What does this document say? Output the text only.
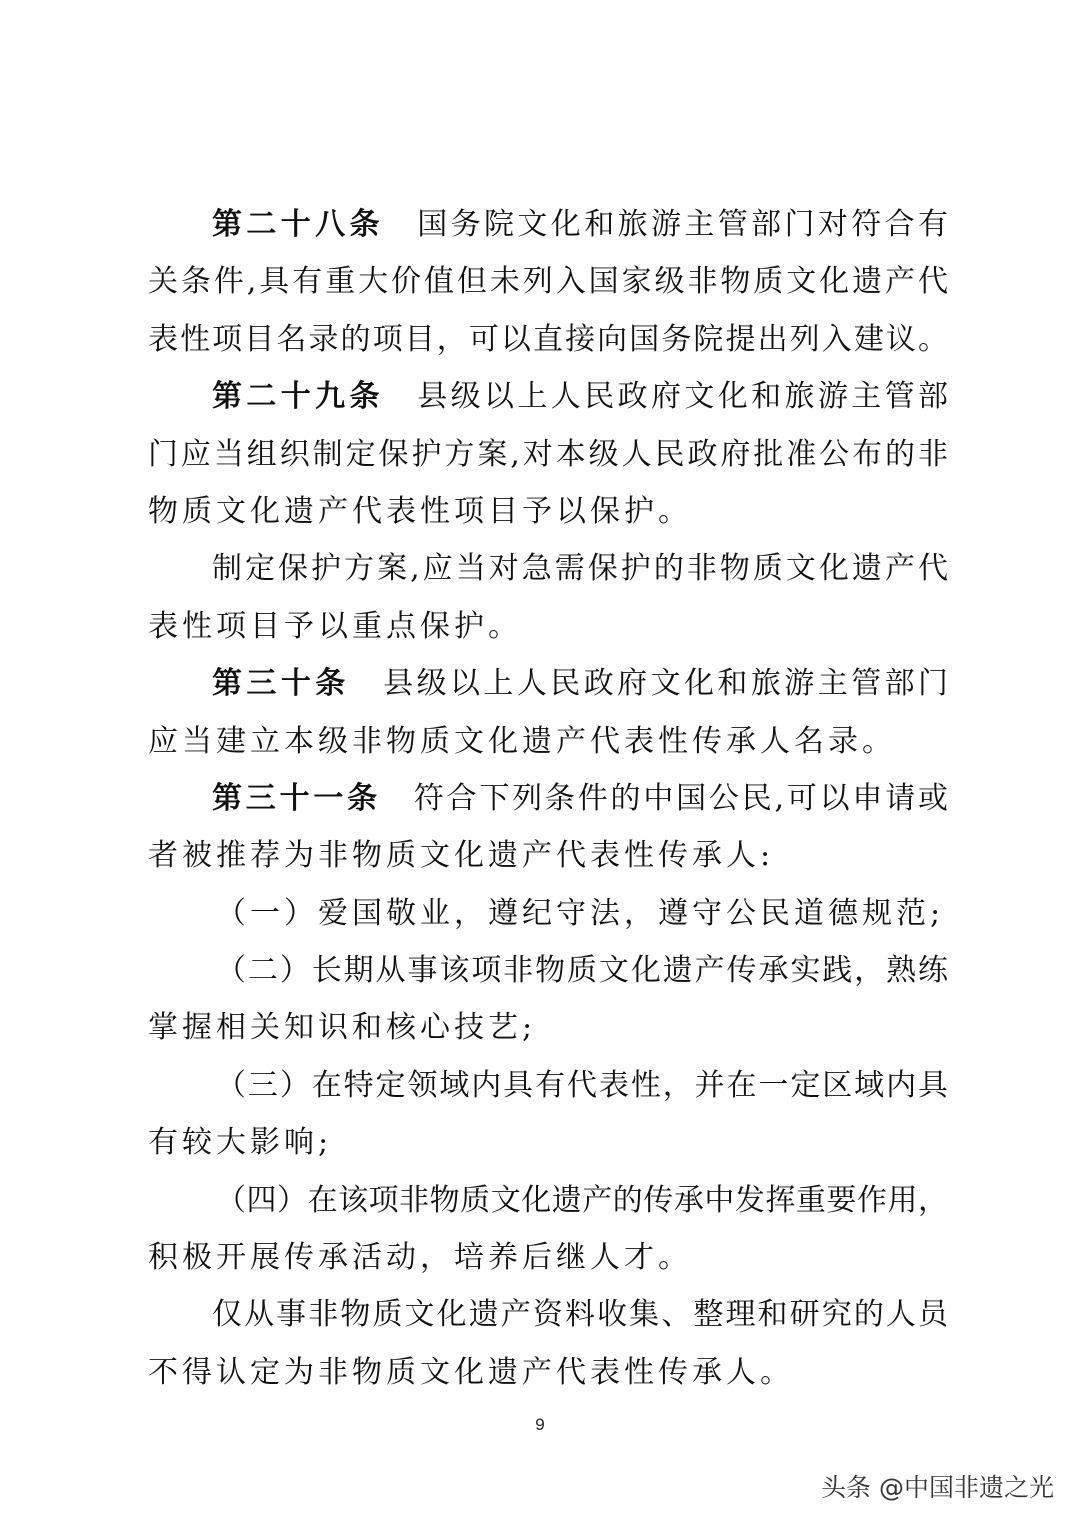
第二十八条　国务院文化和旅游主管部门对符合有
关条件,具有重大价值但未列入国家级非物质文化遗产代
表性项目名录的项目，可以直接向国务院提出列入建议。
第二十九条　县级以上人民政府文化和旅游主管部
门应当组织制定保护方案,对本级人民政府批准公布的非
物质文化遗产代表性项目予以保护。
制定保护方案,应当对急需保护的非物质文化遗产代
表性项目予以重点保护。
第三十条　县级以上人民政府文化和旅游主管部门
应当建立本级非物质文化遗产代表性传承人名录。
第三十一条　符合下列条件的中国公民,可以申请或
者被推荐为非物质文化遗产代表性传承人:
（一）爱国敬业，遵纪守法，遵守公民道德规范;
（二）长期从事该项非物质文化遗产传承实践，熟练
掌握相关知识和核心技艺;
（三）在特定领域内具有代表性，并在一定区域内具
有较大影响;
（四）在该项非物质文化遗产的传承中发挥重要作用，
积极开展传承活动，培养后继人才。
仅从事非物质文化遗产资料收集、整理和研究的人员
不得认定为非物质文化遗产代表性传承人。
9
头条 @中国非遗之光
